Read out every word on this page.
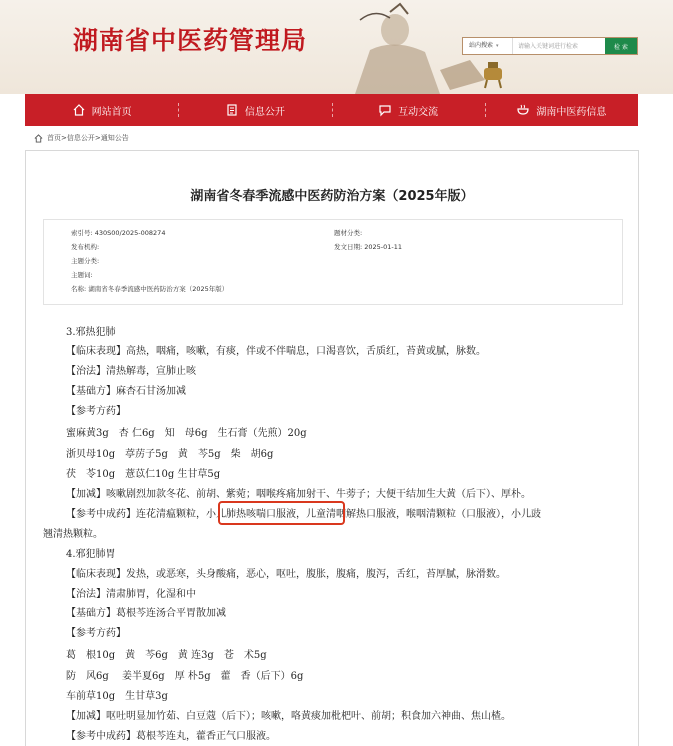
湖南省中医药管理局	站内搜索 ▾
请输入关键词进行检索	检 索
网站首页	信息公开	互动交流	湖南中医药信息
首页>信息公开>通知公告
湖南省冬春季流感中医药防治方案（2025年版）
索引号: 430S00/2025-008274
发布机构:
主题分类:
主题词:
名称: 湖南省冬春季流感中医药防治方案（2025年版）
题材分类:
发文日期: 2025-01-11
3.邪热犯肺
【临床表现】高热，咽痛，咳嗽，有痰，伴或不伴喘息，口渴喜饮，舌质红，苔黄或腻，脉数。
【治法】清热解毒，宣肺止咳
【基础方】麻杏石甘汤加减
【参考方药】
蜜麻黄3g　杏 仁6g　知　母6g　生石膏（先煎）20g
浙贝母10g　葶苈子5g　黄　芩5g　柴　胡6g
茯　苓10g　薏苡仁10g 生甘草5g
【加减】咳嗽剧烈加款冬花、前胡、紫菀；咽喉疼痛加射干、牛蒡子；大便干结加生大黄（后下）、厚朴。
【参考中成药】连花清瘟颗粒，小儿肺热咳喘口服液，儿童清咽解热口服液，喉咽清颗粒（口服液），小儿豉
翘清热颗粒。
4.邪犯肺胃
【临床表现】发热，或恶寒，头身酸痛，恶心，呕吐，腹胀，腹痛，腹泻，舌红，苔厚腻，脉滑数。
【治法】清肃肺胃，化湿和中
【基础方】葛根芩连汤合平胃散加减
【参考方药】
葛　根10g　黄　芩6g　黄 连3g　苍　术5g
防　风6g　 姜半夏6g　厚 朴5g　藿　香（后下）6g
车前草10g　生甘草3g
【加减】呕吐明显加竹茹、白豆蔻（后下）；咳嗽，咯黄痰加枇杷叶、前胡；积食加六神曲、焦山楂。
【参考中成药】葛根芩连丸，藿香正气口服液。
